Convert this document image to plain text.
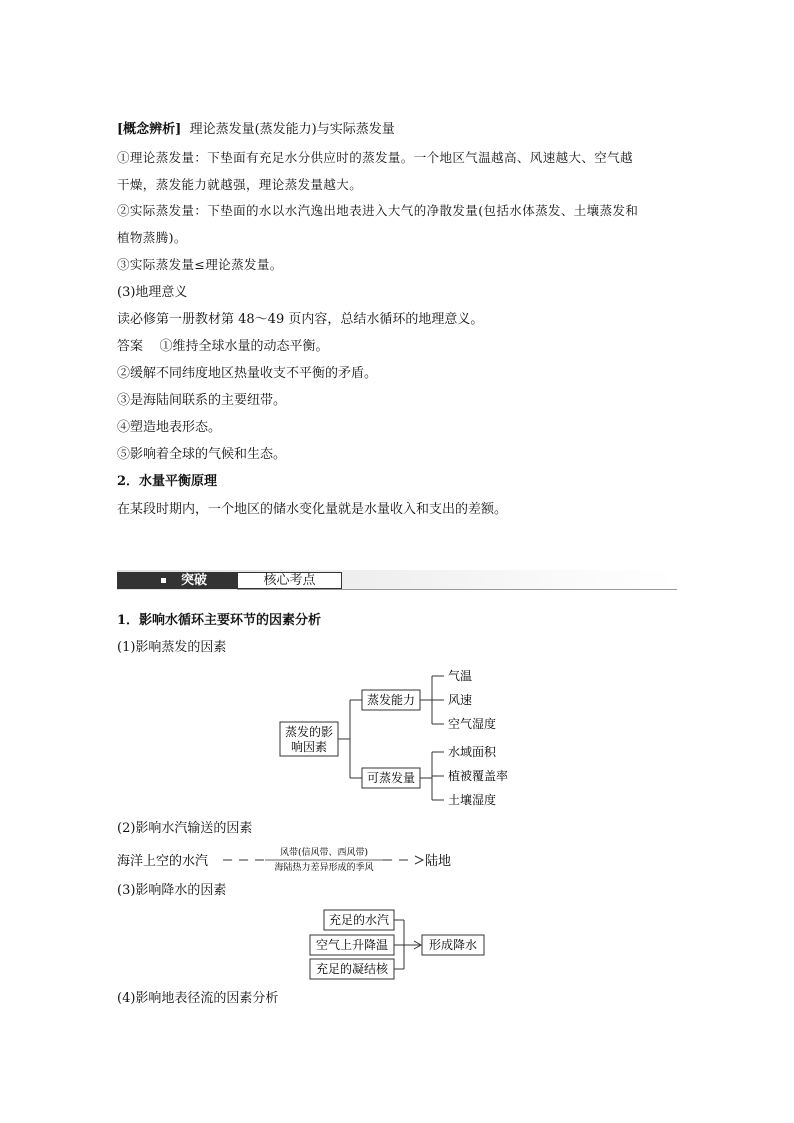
[概念辨析] 理论蒸发量(蒸发能力)与实际蒸发量
①理论蒸发量：下垫面有充足水分供应时的蒸发量。一个地区气温越高、风速越大、空气越
干燥，蒸发能力就越强，理论蒸发量越大。
②实际蒸发量：下垫面的水以水汽逸出地表进入大气的净散发量(包括水体蒸发、土壤蒸发和
植物蒸腾)。
③实际蒸发量≤理论蒸发量。
(3)地理意义
读必修第一册教材第 48～49 页内容，总结水循环的地理意义。
答案 ①维持全球水量的动态平衡。
②缓解不同纬度地区热量收支不平衡的矛盾。
③是海陆间联系的主要纽带。
④塑造地表形态。
⑤影响着全球的气候和生态。
2．水量平衡原理
在某段时期内，一个地区的储水变化量就是水量收入和支出的差额。
突破	核心考点
1．影响水循环主要环节的因素分析
(1)影响蒸发的因素
蒸发的影
响因素
蒸发能力
可蒸发量
气温
风速
空气湿度
水域面积
植被覆盖率
土壤湿度
(2)影响水汽输送的因素
海洋上空的水汽
风带(信风带、西风带)
海陆热力差异形成的季风	陆地
(3)影响降水的因素
充足的水汽
空气上升降温
充足的凝结核
形成降水
(4)影响地表径流的因素分析
